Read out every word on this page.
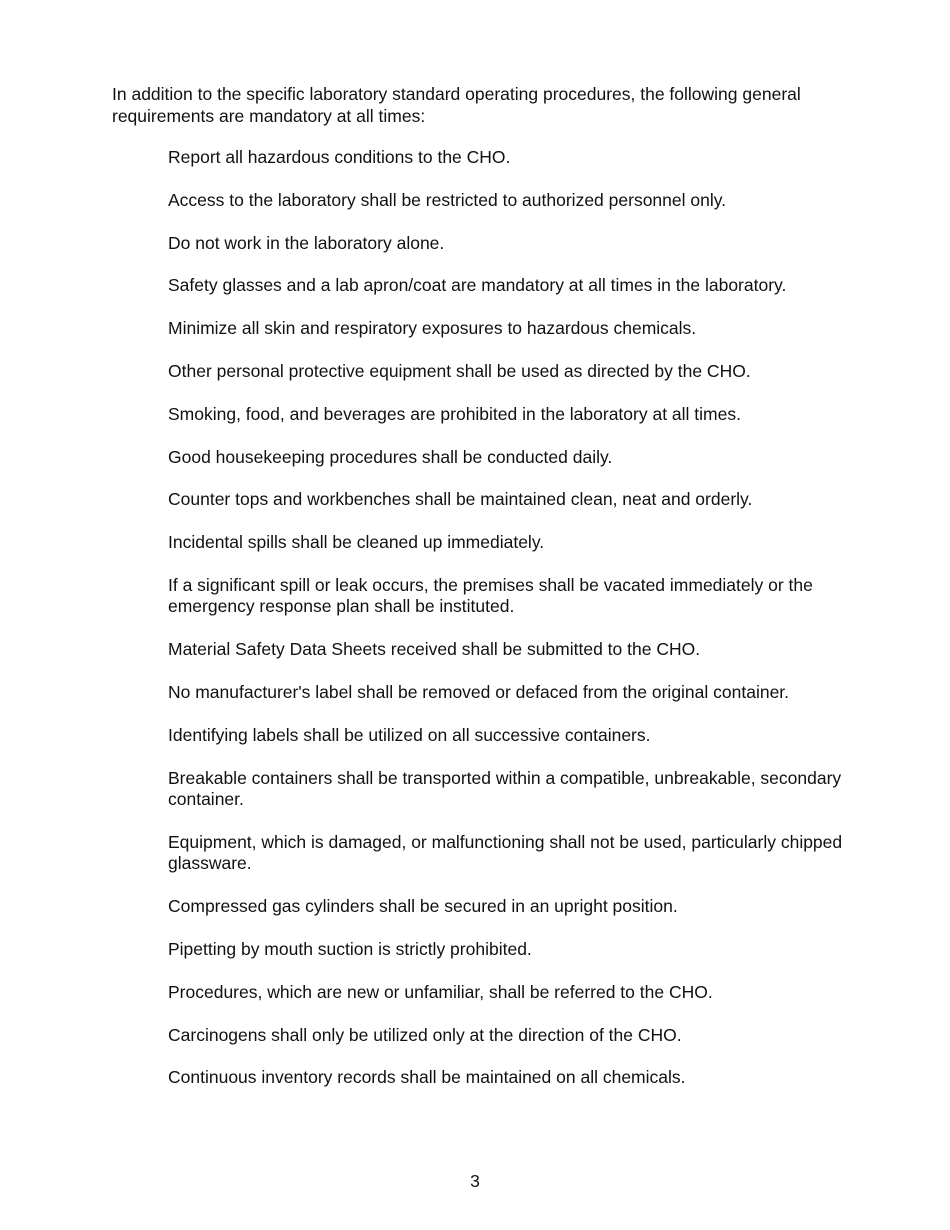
In addition to the specific laboratory standard operating procedures, the following general requirements are mandatory at all times:

Report all hazardous conditions to the CHO.
Access to the laboratory shall be restricted to authorized personnel only.
Do not work in the laboratory alone.
Safety glasses and a lab apron/coat are mandatory at all times in the laboratory.
Minimize all skin and respiratory exposures to hazardous chemicals.
Other personal protective equipment shall be used as directed by the CHO.
Smoking, food, and beverages are prohibited in the laboratory at all times.
Good housekeeping procedures shall be conducted daily.
Counter tops and workbenches shall be maintained clean, neat and orderly.
Incidental spills shall be cleaned up immediately.
If a significant spill or leak occurs, the premises shall be vacated immediately or the emergency response plan shall be instituted.
Material Safety Data Sheets received shall be submitted to the CHO.
No manufacturer's label shall be removed or defaced from the original container.
Identifying labels shall be utilized on all successive containers.
Breakable containers shall be transported within a compatible, unbreakable, secondary container.
Equipment, which is damaged, or malfunctioning shall not be used, particularly chipped glassware.
Compressed gas cylinders shall be secured in an upright position.
Pipetting by mouth suction is strictly prohibited.
Procedures, which are new or unfamiliar, shall be referred to the CHO.
Carcinogens shall only be utilized only at the direction of the CHO.
Continuous inventory records shall be maintained on all chemicals.
3
